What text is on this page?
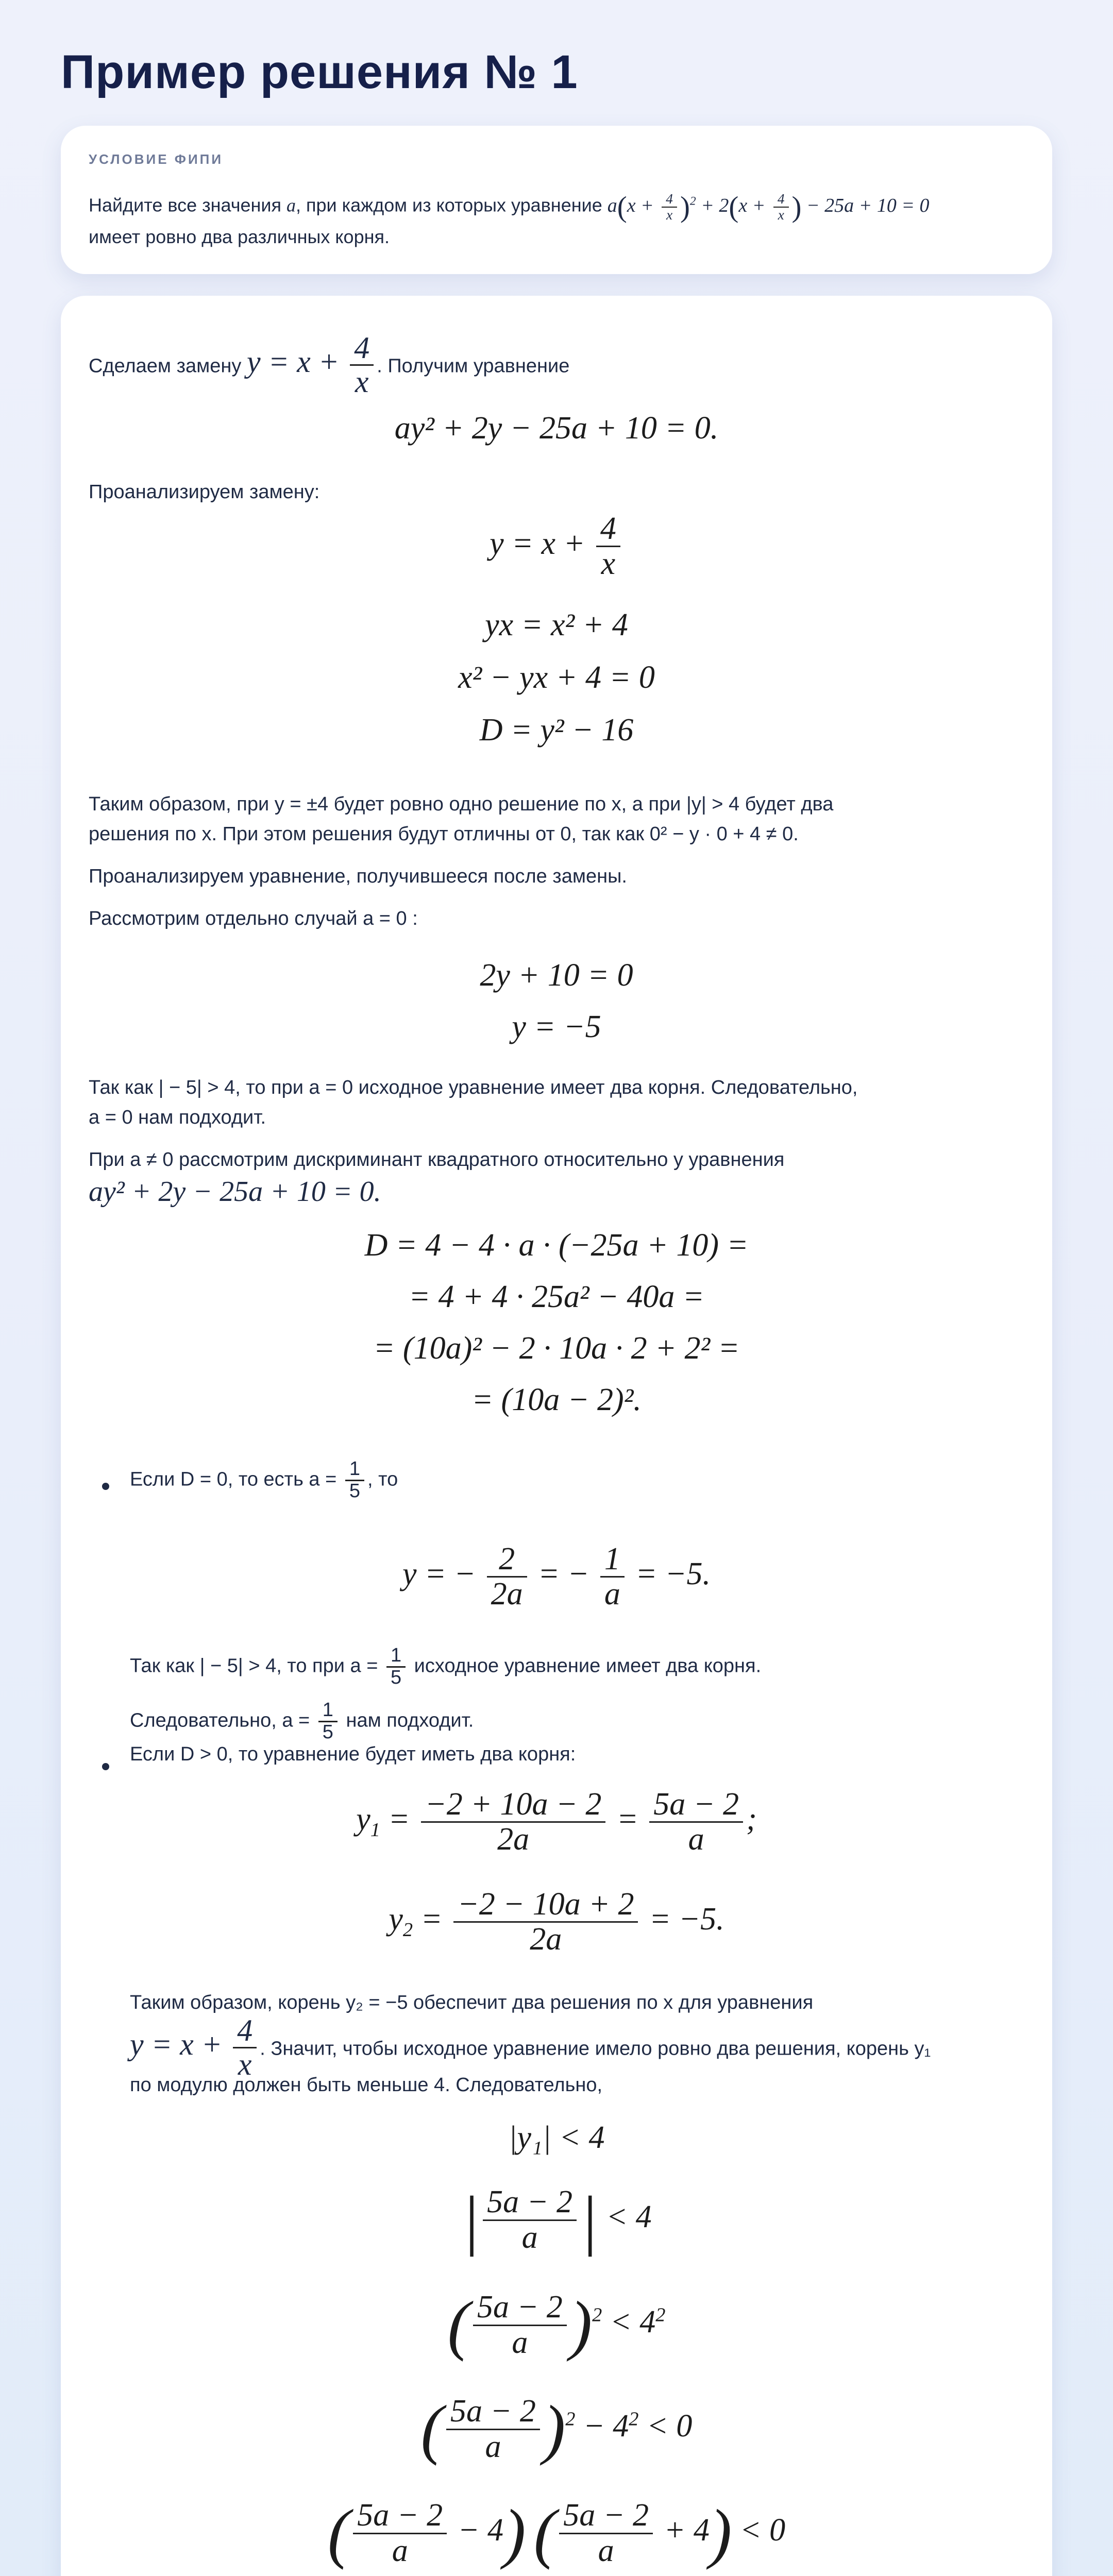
Пример решения № 1
УСЛОВИЕ ФИПИ
Найдите все значения a, при каждом из которых уравнение $a(x + \frac{4}{x} )^2 + 2(x + \frac{4}{x}$ ) − 25a + 10 = 0
имеет ровно два различных корня.
Сделаем замену $y = x + \frac{4}{x}$ . Получим уравнение
ay² + 2y − 25a + 10 = 0.
Проанализируем замену:
$y = x + \frac{4}{x}$
yx = x² + 4
x² − yx + 4 = 0
D = y² − 16
Таким образом, при y = ±4 будет ровно одно решение по x, а при |y| > 4 будет два
решения по x. При этом решения будут отличны от 0, так как 0² − y · 0 + 4 ≠ 0.
Проанализируем уравнение, получившееся после замены.
Рассмотрим отдельно случай a = 0 :
2y + 10 = 0
y = −5
Так как | − 5| > 4, то при a = 0 исходное уравнение имеет два корня. Следовательно,
a = 0 нам подходит.
При a ≠ 0 рассмотрим дискриминант квадратного относительно y уравнения
ay² + 2y − 25a + 10 = 0.
D = 4 − 4 · a · (−25a + 10) =
= 4 + 4 · 25a² − 40a =
= (10a)² − 2 · 10a · 2 + 2² =
= (10a − 2)².
Если D = 0, то есть $a = \frac{1}{5}$ , то
y = − $\frac{2}{2a}$ = − $\frac{1}{a} = -5$.
Так как | − 5| > 4, то при $a = \frac{1}{5}$ исходное уравнение имеет два корня.
Следовательно, $a = \frac{1}{5}$ нам подходит.
Если D > 0, то уравнение будет иметь два корня:
$y_1 = \frac{-2 + 10a - 2}{2a} = \frac{5a - 2}{a}$ ;
$y_2 = \frac{-2 - 10a + 2}{2a} = -5$.
Таким образом, корень y₂ = −5 обеспечит два решения по x для уравнения
$y = x + \frac{4}{x}$ . Значит, чтобы исходное уравнение имело ровно два решения, корень y₁
по модулю должен быть меньше 4. Следовательно,
|y₁| < 4
| $\frac{5a - 2}{a}$ | < 4
( $\frac{5a - 2}{a} )^2 < 4^2$
( $\frac{5a - 2}{a} )^2 - 4^2 < 0$
( $\frac{5a - 2}{a} - 4$) ( $\frac{5a - 2}{a} + 4) < 0$
